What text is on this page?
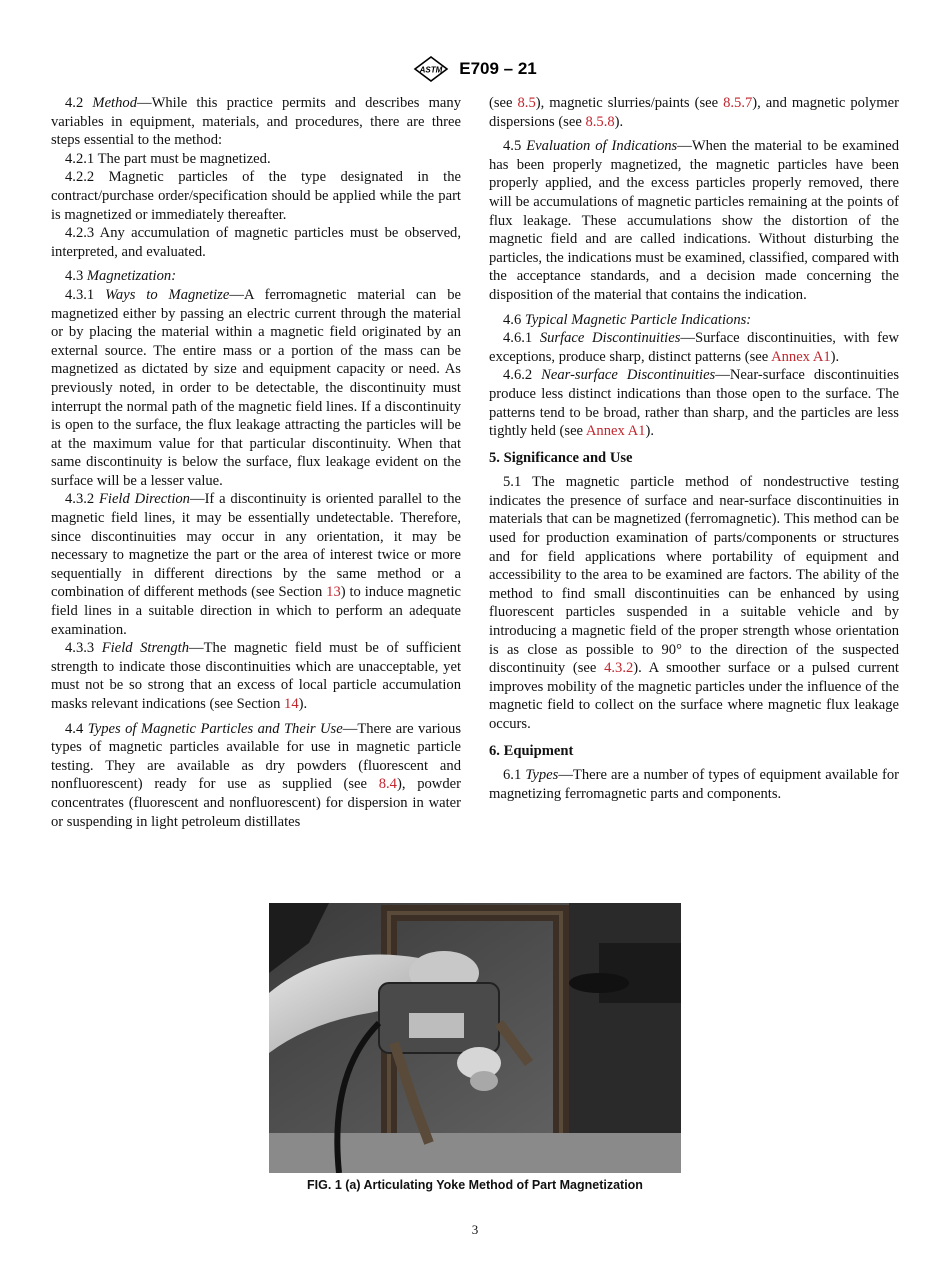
ASTM E709 – 21

4.2 Method—While this practice permits and describes many variables in equipment, materials, and procedures, there are three steps essential to the method:

4.2.1 The part must be magnetized.

4.2.2 Magnetic particles of the type designated in the contract/purchase order/specification should be applied while the part is magnetized or immediately thereafter.

4.2.3 Any accumulation of magnetic particles must be observed, interpreted, and evaluated.

4.3 Magnetization:

4.3.1 Ways to Magnetize—A ferromagnetic material can be magnetized either by passing an electric current through the material or by placing the material within a magnetic field originated by an external source. The entire mass or a portion of the mass can be magnetized as dictated by size and equipment capacity or need. As previously noted, in order to be detectable, the discontinuity must interrupt the normal path of the magnetic field lines. If a discontinuity is open to the surface, the flux leakage attracting the particles will be at the maximum value for that particular discontinuity. When that same discontinuity is below the surface, flux leakage evident on the surface will be a lesser value.

4.3.2 Field Direction—If a discontinuity is oriented parallel to the magnetic field lines, it may be essentially undetectable. Therefore, since discontinuities may occur in any orientation, it may be necessary to magnetize the part or the area of interest twice or more sequentially in different directions by the same method or a combination of different methods (see Section 13) to induce magnetic field lines in a suitable direction in which to perform an adequate examination.

4.3.3 Field Strength—The magnetic field must be of sufficient strength to indicate those discontinuities which are unacceptable, yet must not be so strong that an excess of local particle accumulation masks relevant indications (see Section 14).

4.4 Types of Magnetic Particles and Their Use—There are various types of magnetic particles available for use in magnetic particle testing. They are available as dry powders (fluorescent and nonfluorescent) ready for use as supplied (see 8.4), powder concentrates (fluorescent and nonfluorescent) for dispersion in water or suspending in light petroleum distillates

(see 8.5), magnetic slurries/paints (see 8.5.7), and magnetic polymer dispersions (see 8.5.8).

4.5 Evaluation of Indications—When the material to be examined has been properly magnetized, the magnetic particles have been properly applied, and the excess particles properly removed, there will be accumulations of magnetic particles remaining at the points of flux leakage. These accumulations show the distortion of the magnetic field and are called indications. Without disturbing the particles, the indications must be examined, classified, compared with the acceptance standards, and a decision made concerning the disposition of the material that contains the indication.

4.6 Typical Magnetic Particle Indications:

4.6.1 Surface Discontinuities—Surface discontinuities, with few exceptions, produce sharp, distinct patterns (see Annex A1).

4.6.2 Near-surface Discontinuities—Near-surface discontinuities produce less distinct indications than those open to the surface. The patterns tend to be broad, rather than sharp, and the particles are less tightly held (see Annex A1).

5. Significance and Use

5.1 The magnetic particle method of nondestructive testing indicates the presence of surface and near-surface discontinuities in materials that can be magnetized (ferromagnetic). This method can be used for production examination of parts/components or structures and for field applications where portability of equipment and accessibility to the area to be examined are factors. The ability of the method to find small discontinuities can be enhanced by using fluorescent particles suspended in a suitable vehicle and by introducing a magnetic field of the proper strength whose orientation is as close as possible to 90° to the direction of the suspected discontinuity (see 4.3.2). A smoother surface or a pulsed current improves mobility of the magnetic particles under the influence of the magnetic field to collect on the surface where magnetic flux leakage occurs.

6. Equipment

6.1 Types—There are a number of types of equipment available for magnetizing ferromagnetic parts and components.

FIG. 1 (a) Articulating Yoke Method of Part Magnetization
3
